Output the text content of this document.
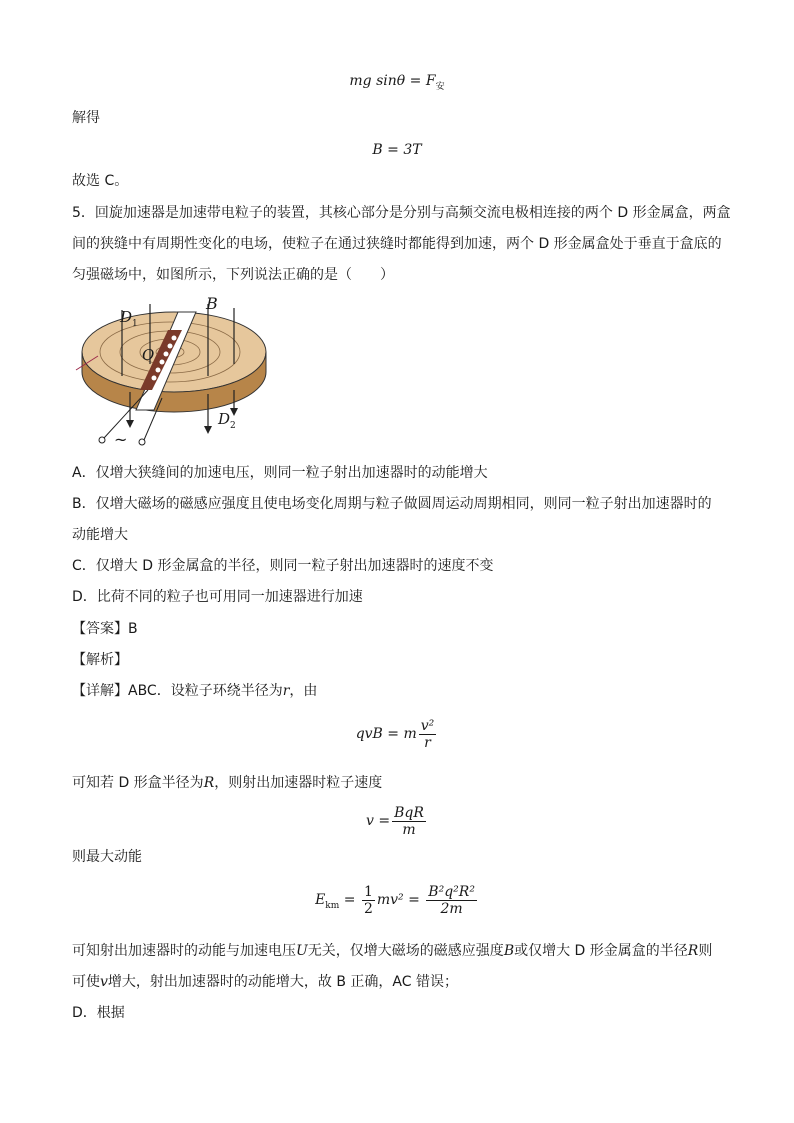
mg $\sin\theta = F_安$
解得
B = 3T
故选 C。
5．回旋加速器是加速带电粒子的装置，其核心部分是分别与高频交流电极相连接的两个 D 形金属盒，两盒
间的狭缝中有周期性变化的电场，使粒子在通过狭缝时都能得到加速，两个 D 形金属盒处于垂直于盒底的
匀强磁场中，如图所示，下列说法正确的是（　　）
$D_1$
B
O
$D_2$
~
A．仅增大狭缝间的加速电压，则同一粒子射出加速器时的动能增大
B．仅增大磁场的磁感应强度且使电场变化周期与粒子做圆周运动周期相同，则同一粒子射出加速器时的
动能增大
C．仅增大 D 形金属盒的半径，则同一粒子射出加速器时的速度不变
D．比荷不同的粒子也可用同一加速器进行加速
【答案】B
【解析】
【详解】ABC．设粒子环绕半径为r，由
qvB = m $\frac{\text{v²}}{r}$
可知若 D 形盒半径为R，则射出加速器时粒子速度
$v = \frac{\text{BqR}}{m}$
则最大动能
$E_{km} = \frac{1}{2} mv^2 = \frac{\text{B²q²R²}}{2m}$
可知射出加速器时的动能与加速电压U无关，仅增大磁场的磁感应强度B或仅增大 D 形金属盒的半径R则
可使v增大，射出加速器时的动能增大，故 B 正确，AC 错误；
D．根据
